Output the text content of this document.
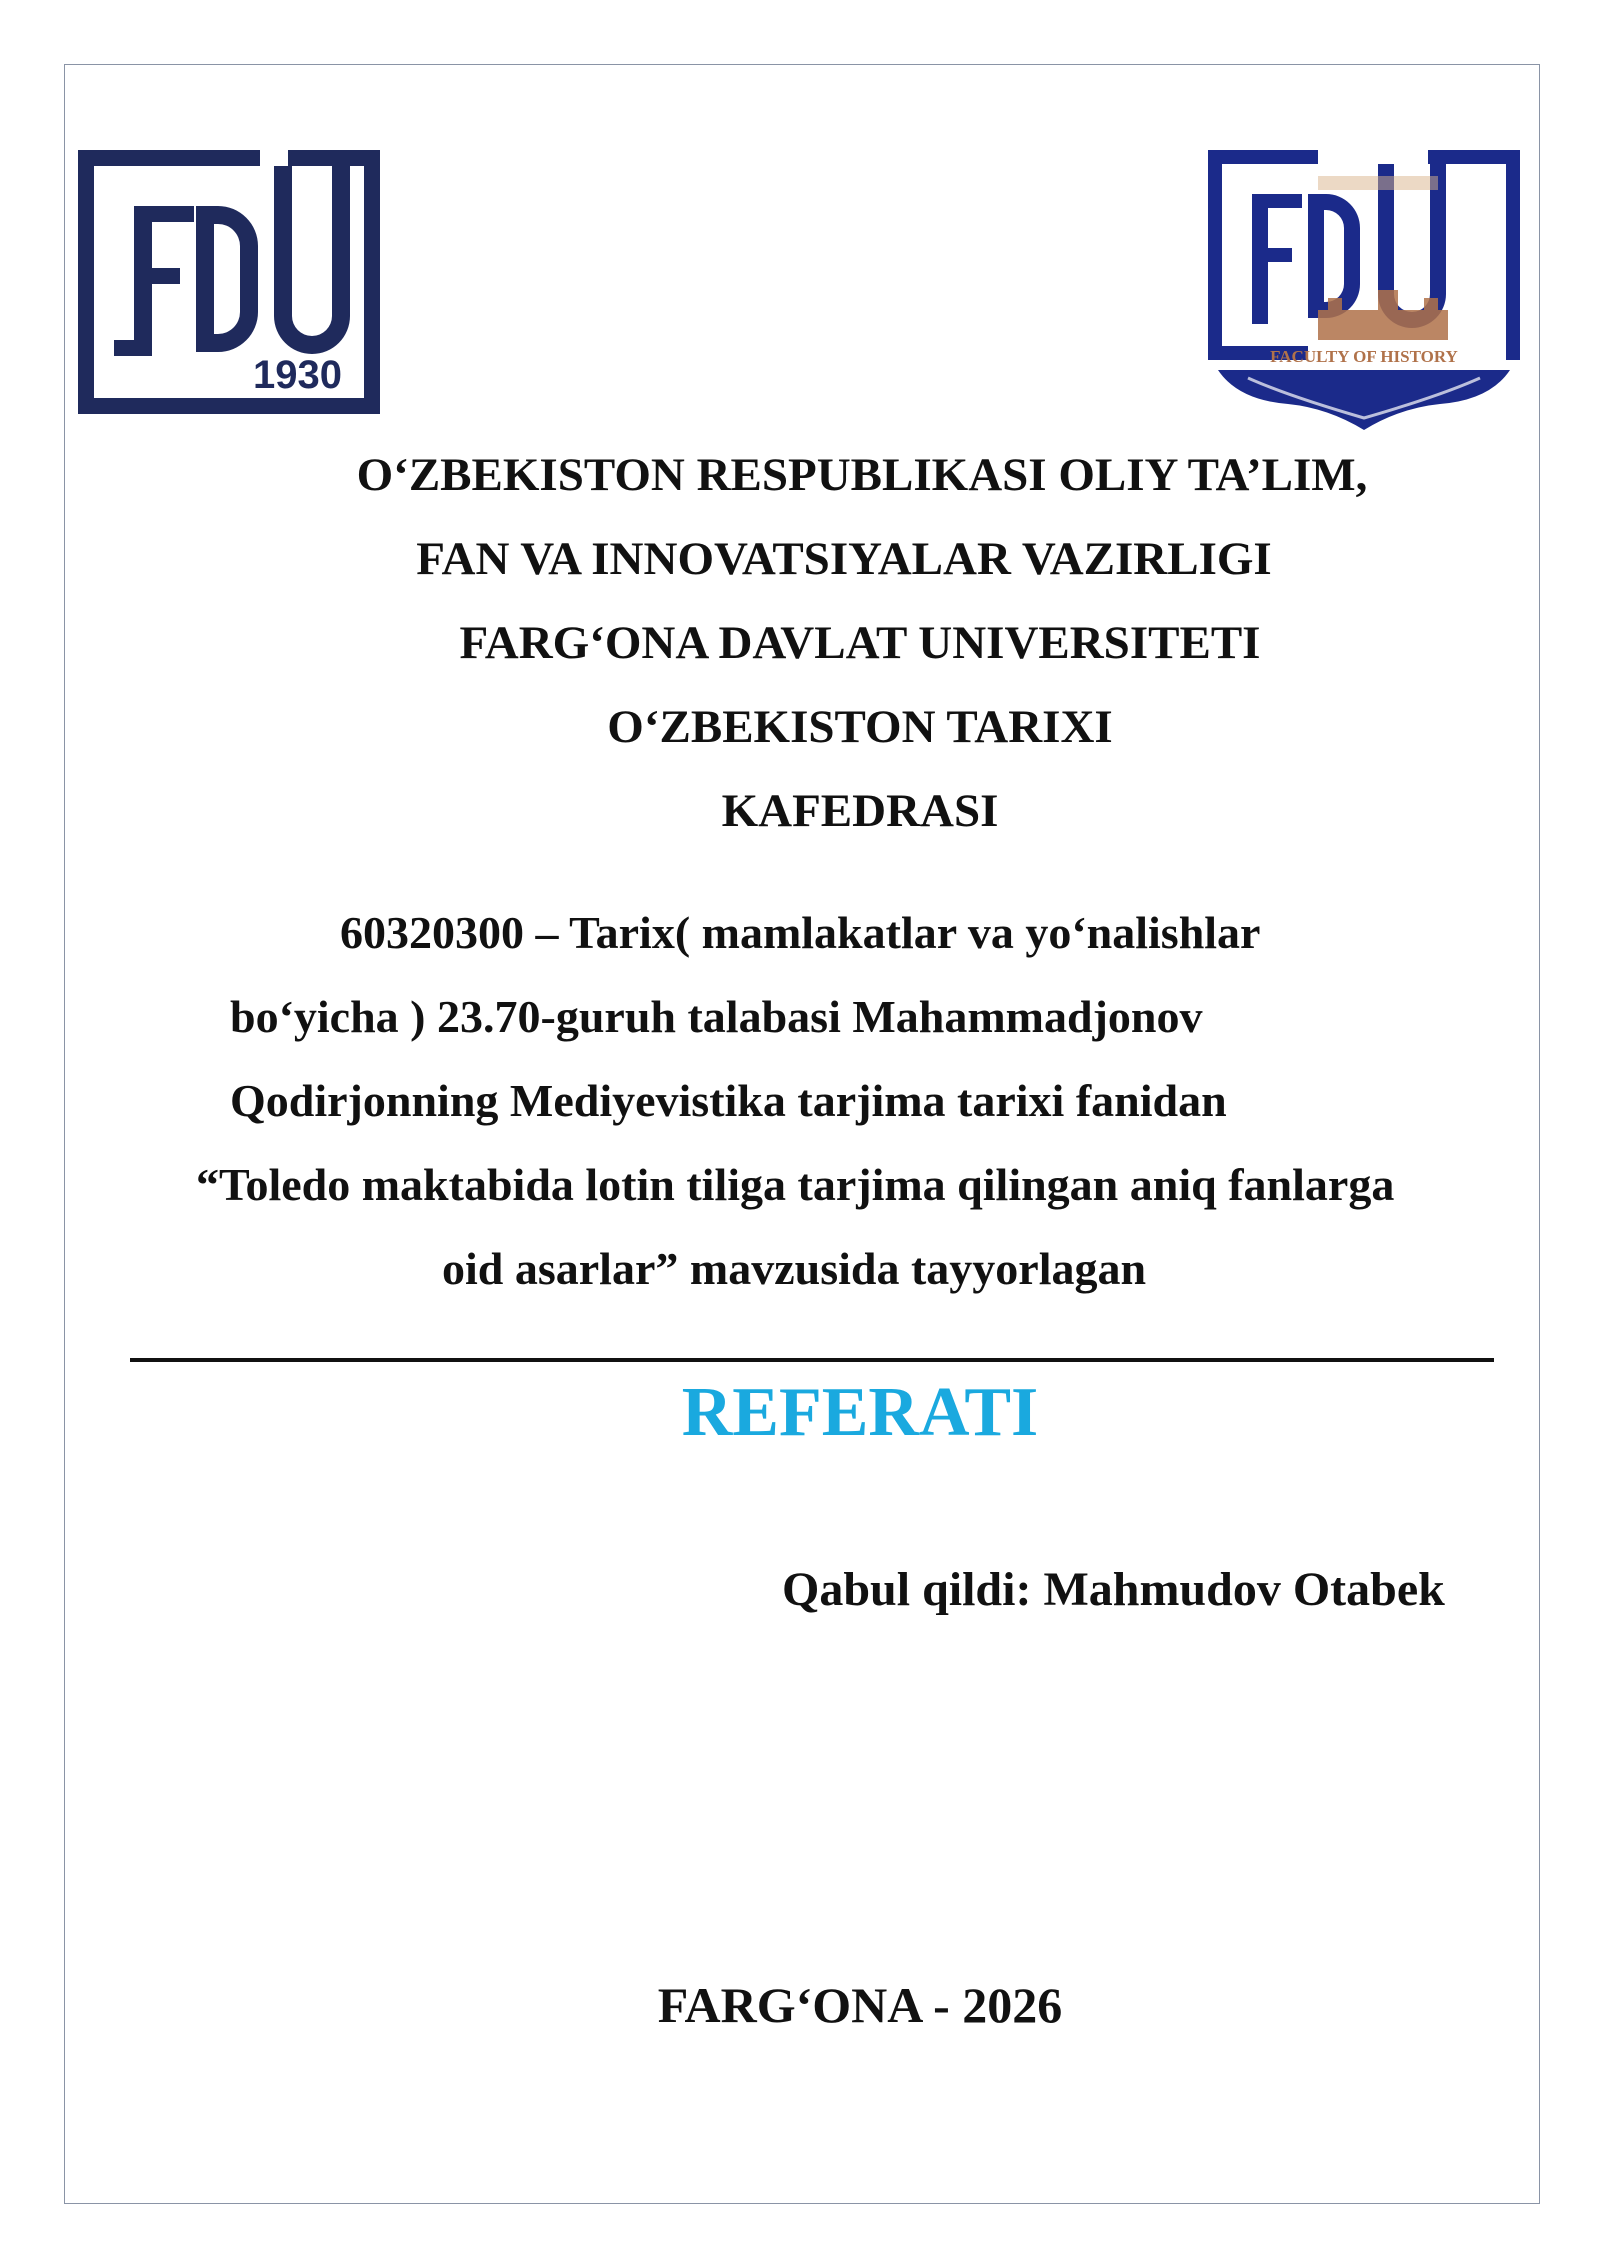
1930	FACULTY OF HISTORY
O‘ZBEKISTON RESPUBLIKASI OLIY TA’LIM,
FAN VA INNOVATSIYALAR VAZIRLIGI
FARG‘ONA DAVLAT UNIVERSITETI
O‘ZBEKISTON TARIXI
KAFEDRASI
60320300 – Tarix( mamlakatlar va yo‘nalishlar
bo‘yicha ) 23.70-guruh talabasi Mahammadjonov
Qodirjonning Mediyevistika tarjima tarixi fanidan
“Toledo maktabida lotin tiliga tarjima qilingan aniq fanlarga
oid asarlar” mavzusida tayyorlagan
REFERATI
Qabul qildi: Mahmudov Otabek
FARG‘ONA - 2026
